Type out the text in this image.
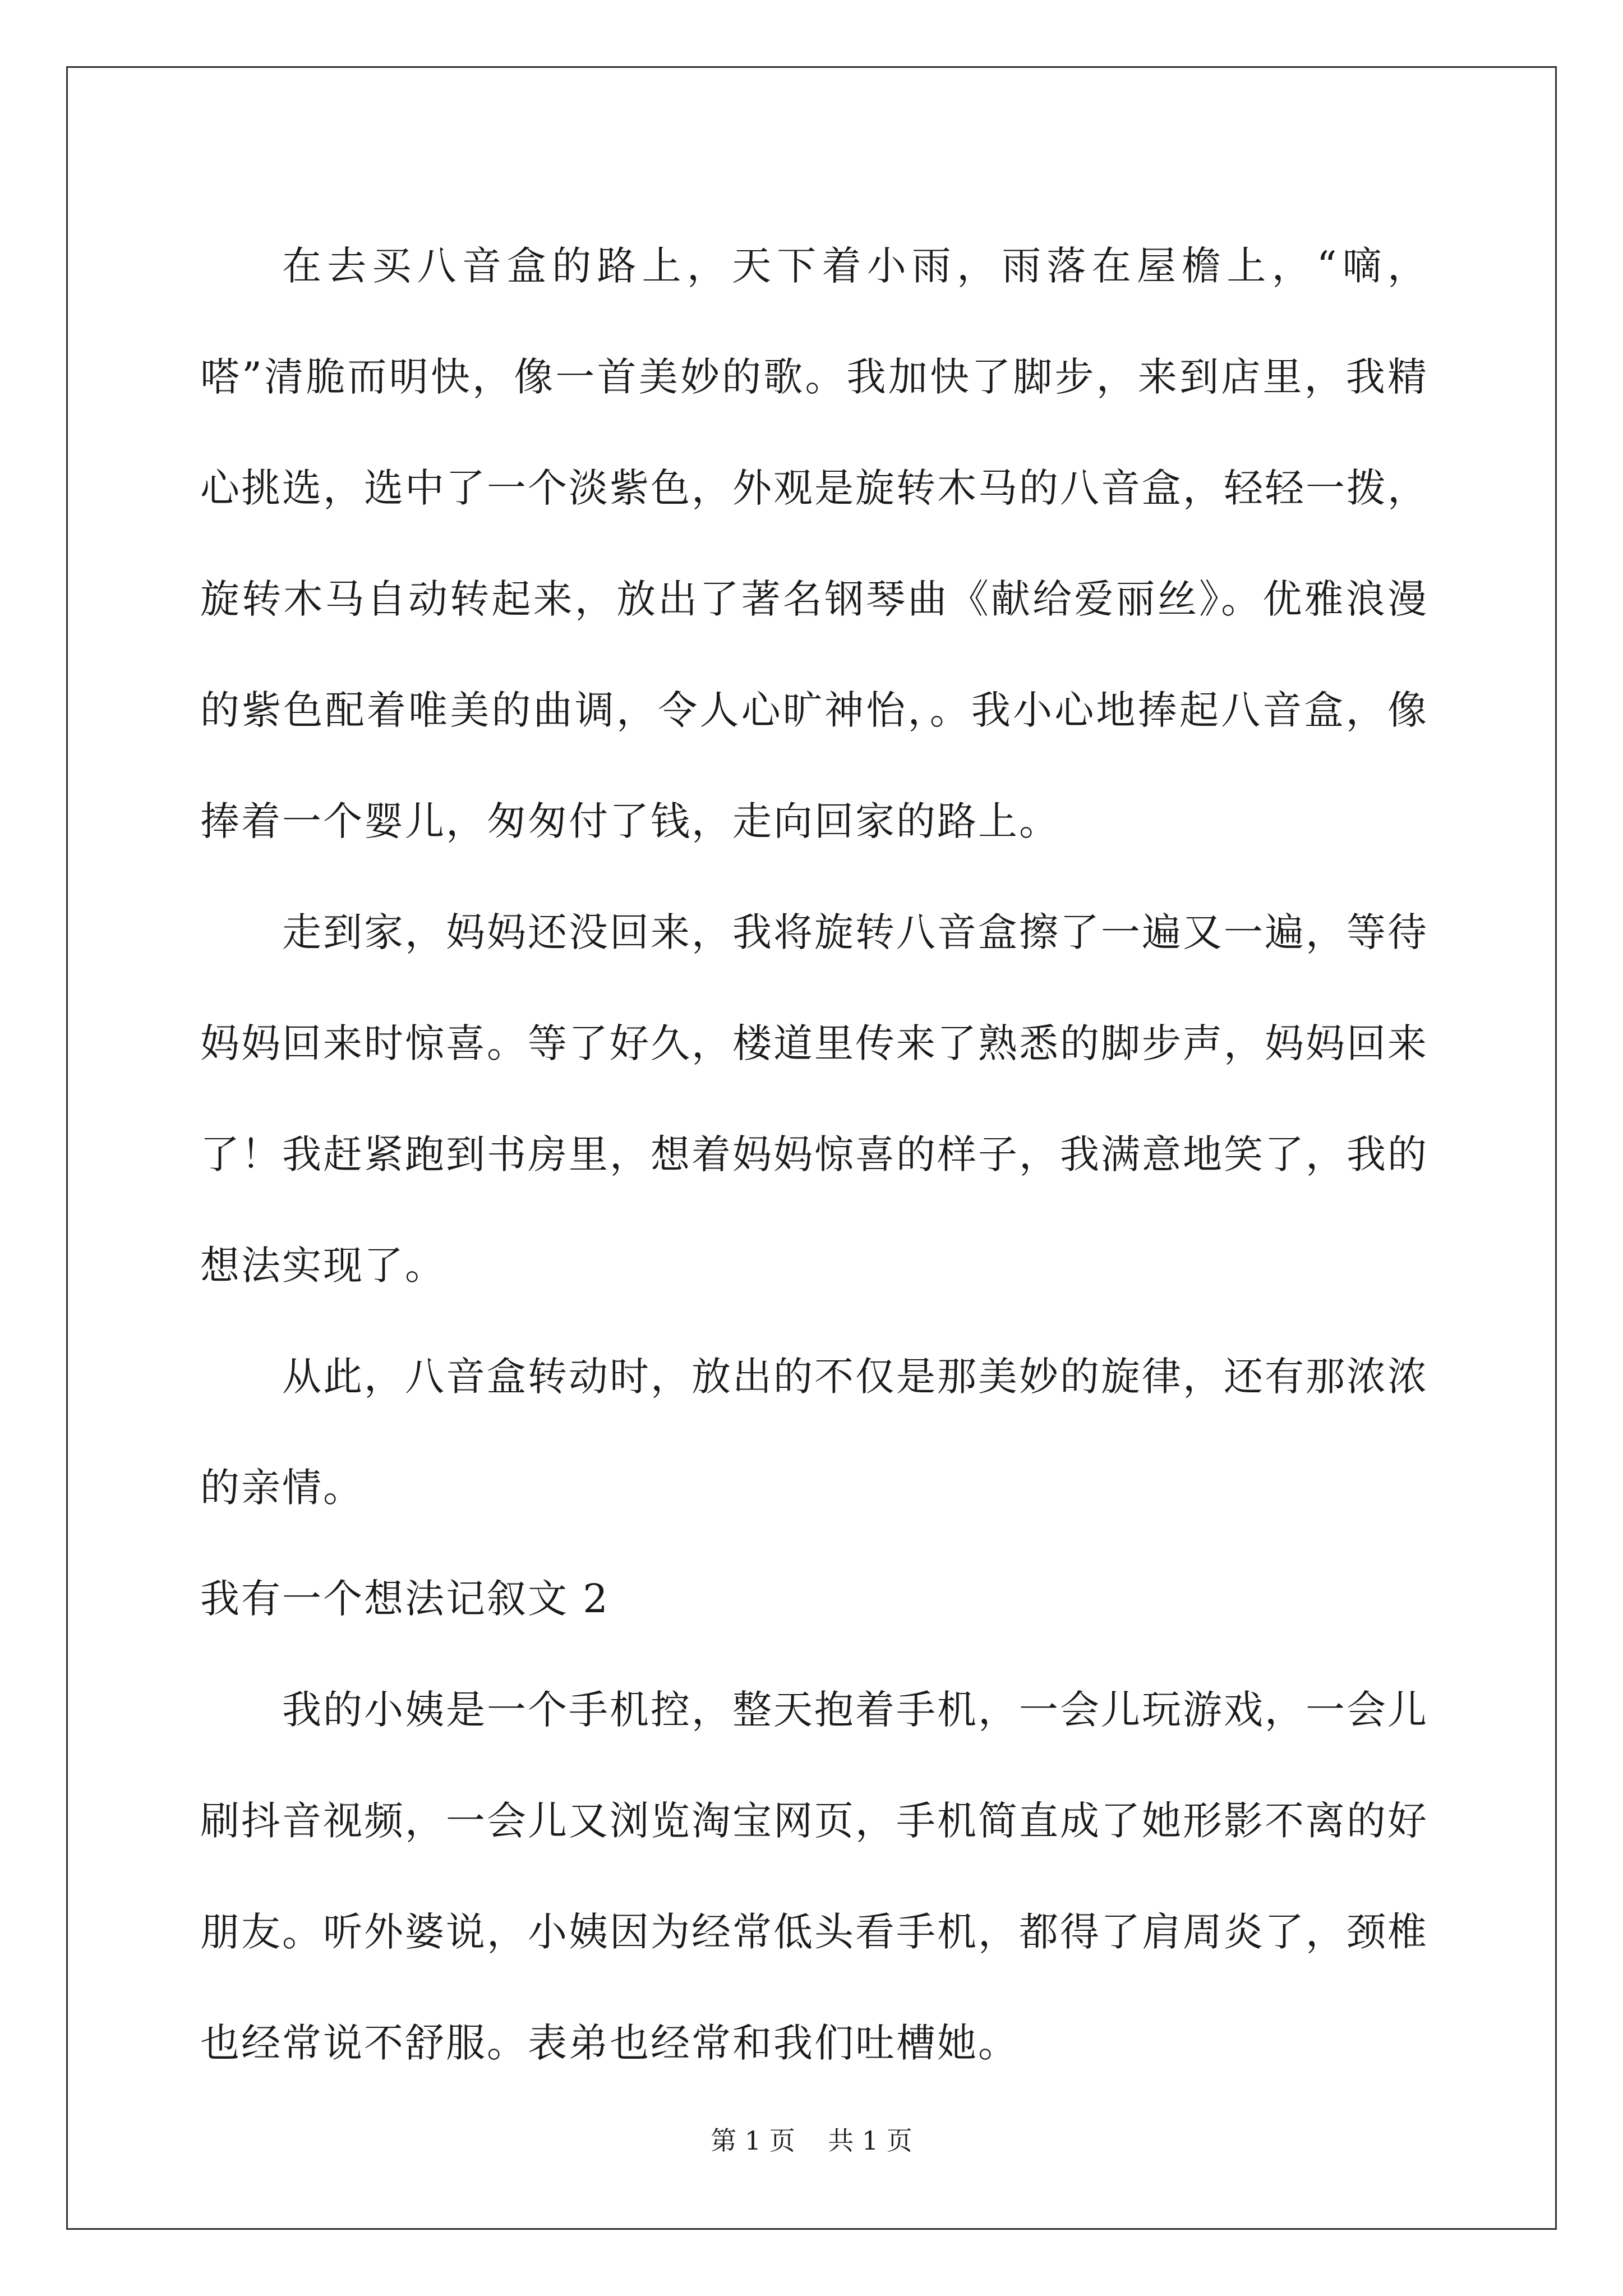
在去买八音盒的路上，天下着小雨，雨落在屋檐上，“嘀，嗒”清脆而明快，像一首美妙的歌。我加快了脚步，来到店里，我精心挑选，选中了一个淡紫色，外观是旋转木马的八音盒，轻轻一拨，旋转木马自动转起来，放出了著名钢琴曲《献给爱丽丝》。优雅浪漫的紫色配着唯美的曲调，令人心旷神怡，。我小心地捧起八音盒，像捧着一个婴儿，匆匆付了钱，走向回家的路上。

走到家，妈妈还没回来，我将旋转八音盒擦了一遍又一遍，等待妈妈回来时惊喜。等了好久，楼道里传来了熟悉的脚步声，妈妈回来了！我赶紧跑到书房里，想着妈妈惊喜的样子，我满意地笑了，我的想法实现了。

从此，八音盒转动时，放出的不仅是那美妙的旋律，还有那浓浓的亲情。

我有一个想法记叙文 2

我的小姨是一个手机控，整天抱着手机，一会儿玩游戏，一会儿刷抖音视频，一会儿又浏览淘宝网页，手机简直成了她形影不离的好朋友。听外婆说，小姨因为经常低头看手机，都得了肩周炎了，颈椎也经常说不舒服。表弟也经常和我们吐槽她。

第 1 页 共 1 页
